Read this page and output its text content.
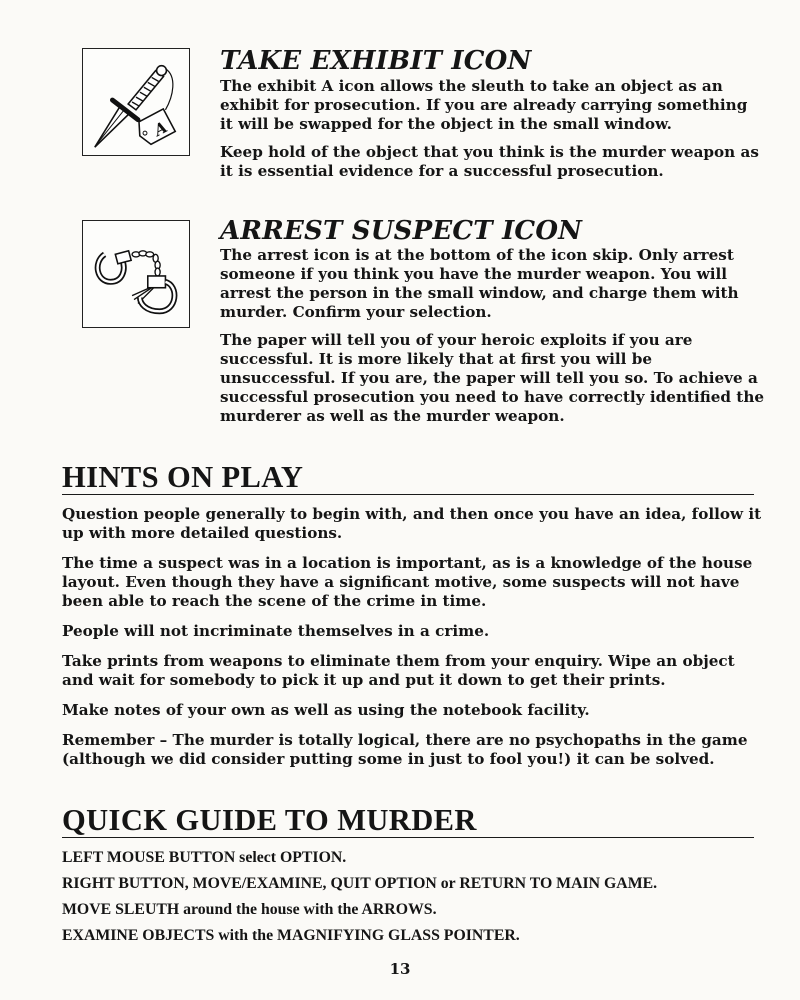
A
TAKE EXHIBIT ICON

The exhibit A icon allows the sleuth to take an object as an exhibit for prosecution. If you are already carrying something it will be swapped for the object in the small window.

Keep hold of the object that you think is the murder weapon as it is essential evidence for a successful prosecution.

ARREST SUSPECT ICON

The arrest icon is at the bottom of the icon skip. Only arrest someone if you think you have the murder weapon. You will arrest the person in the small window, and charge them with murder. Confirm your selection.

The paper will tell you of your heroic exploits if you are successful. It is more likely that at first you will be unsuccessful. If you are, the paper will tell you so. To achieve a successful prosecution you need to have correctly identified the murderer as well as the murder weapon.

HINTS ON PLAY

Question people generally to begin with, and then once you have an idea, follow it up with more detailed questions.

The time a suspect was in a location is important, as is a knowledge of the house layout. Even though they have a significant motive, some suspects will not have been able to reach the scene of the crime in time.

People will not incriminate themselves in a crime.

Take prints from weapons to eliminate them from your enquiry. Wipe an object and wait for somebody to pick it up and put it down to get their prints.

Make notes of your own as well as using the notebook facility.

Remember – The murder is totally logical, there are no psychopaths in the game (although we did consider putting some in just to fool you!) it can be solved.

QUICK GUIDE TO MURDER

LEFT MOUSE BUTTON select OPTION.

RIGHT BUTTON, MOVE/EXAMINE, QUIT OPTION or RETURN TO MAIN GAME.

MOVE SLEUTH around the house with the ARROWS.

EXAMINE OBJECTS with the MAGNIFYING GLASS POINTER.

13
